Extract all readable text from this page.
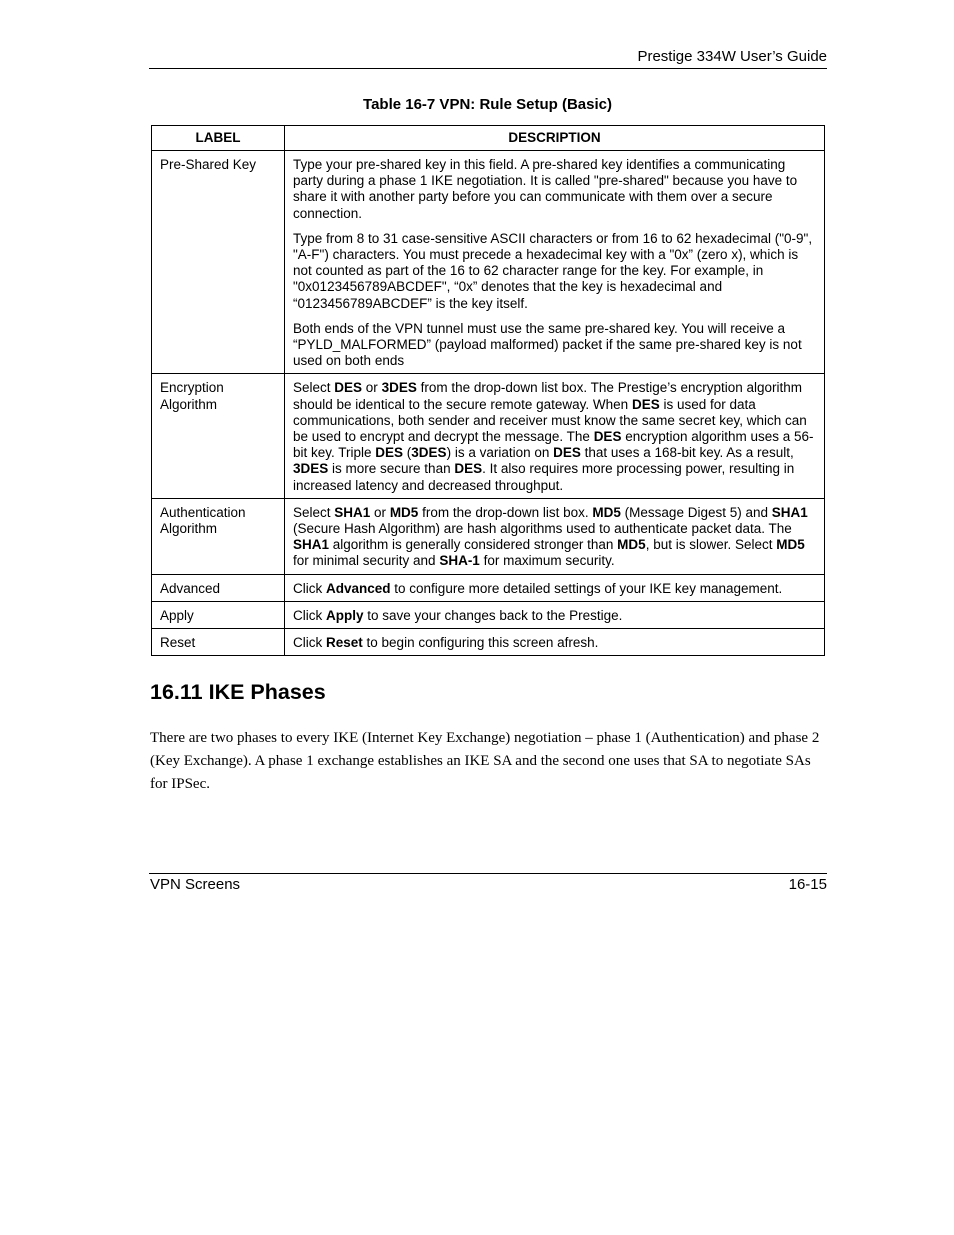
Prestige 334W User’s Guide
Table 16-7 VPN: Rule Setup (Basic)
LABEL	DESCRIPTION
Pre-Shared Key	Type your pre-shared key in this field. A pre-shared key identifies a communicating party during a phase 1 IKE negotiation. It is called "pre-shared" because you have to share it with another party before you can communicate with them over a secure connection.

Type from 8 to 31 case-sensitive ASCII characters or from 16 to 62 hexadecimal ("0-9", "A-F") characters. You must precede a hexadecimal key with a "0x” (zero x), which is not counted as part of the 16 to 62 character range for the key. For example, in "0x0123456789ABCDEF", “0x” denotes that the key is hexadecimal and “0123456789ABCDEF” is the key itself.

Both ends of the VPN tunnel must use the same pre-shared key. You will receive a “PYLD_MALFORMED” (payload malformed) packet if the same pre-shared key is not used on both ends

Encryption Algorithm	Select DES or 3DES from the drop-down list box. The Prestige’s encryption algorithm should be identical to the secure remote gateway. When DES is used for data communications, both sender and receiver must know the same secret key, which can be used to encrypt and decrypt the message. The DES encryption algorithm uses a 56-bit key. Triple DES (3DES) is a variation on DES that uses a 168-bit key. As a result, 3DES is more secure than DES. It also requires more processing power, resulting in increased latency and decreased throughput.

Authentication Algorithm	Select SHA1 or MD5 from the drop-down list box. MD5 (Message Digest 5) and SHA1 (Secure Hash Algorithm) are hash algorithms used to authenticate packet data. The SHA1 algorithm is generally considered stronger than MD5, but is slower. Select MD5 for minimal security and SHA-1 for maximum security.

Advanced	Click Advanced to configure more detailed settings of your IKE key management.

Apply	Click Apply to save your changes back to the Prestige.

Reset	Click Reset to begin configuring this screen afresh.

16.11 IKE Phases

There are two phases to every IKE (Internet Key Exchange) negotiation – phase 1 (Authentication) and phase 2 (Key Exchange). A phase 1 exchange establishes an IKE SA and the second one uses that SA to negotiate SAs for IPSec.

VPN Screens	16-15
